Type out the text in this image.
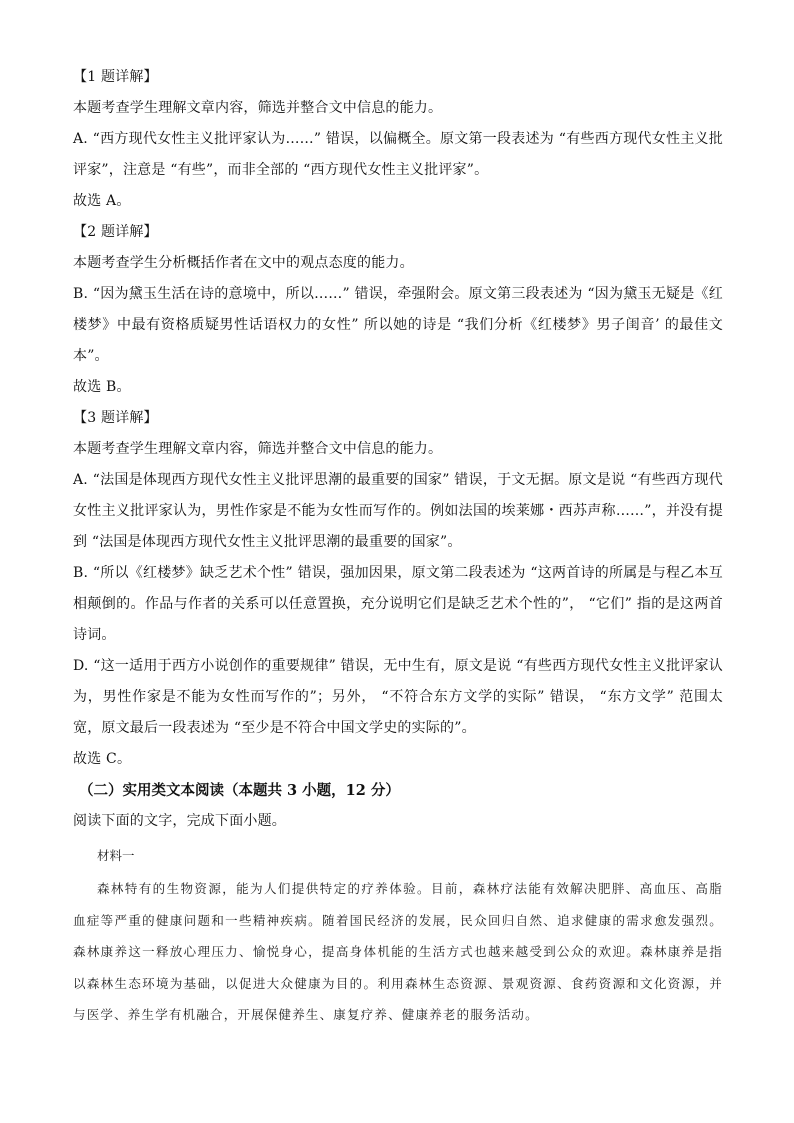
【1 题详解】
本题考查学生理解文章内容，筛选并整合文中信息的能力。
A. “西方现代女性主义批评家认为……” 错误，以偏概全。原文第一段表述为 “有些西方现代女性主义批评家”，注意是 “有些”，而非全部的 “西方现代女性主义批评家”。
故选 A。
【2 题详解】
本题考查学生分析概括作者在文中的观点态度的能力。
B. “因为黛玉生活在诗的意境中，所以……” 错误，牵强附会。原文第三段表述为 “因为黛玉无疑是《红楼梦》中最有资格质疑男性话语权力的女性” 所以她的诗是 “我们分析《红楼梦》男子闺音’ 的最佳文本”。
故选 B。
【3 题详解】
本题考查学生理解文章内容，筛选并整合文中信息的能力。
A. “法国是体现西方现代女性主义批评思潮的最重要的国家” 错误，于文无据。原文是说 “有些西方现代女性主义批评家认为，男性作家是不能为女性而写作的。例如法国的埃莱娜・西苏声称……”，并没有提到 “法国是体现西方现代女性主义批评思潮的最重要的国家”。
B. “所以《红楼梦》缺乏艺术个性” 错误，强加因果，原文第二段表述为 “这两首诗的所属是与程乙本互相颠倒的。作品与作者的关系可以任意置换，充分说明它们是缺乏艺术个性的”， “它们” 指的是这两首诗词。
D. “这一适用于西方小说创作的重要规律” 错误，无中生有，原文是说 “有些西方现代女性主义批评家认为，男性作家是不能为女性而写作的”；另外， “不符合东方文学的实际” 错误， “东方文学” 范围太宽，原文最后一段表述为 “至少是不符合中国文学史的实际的”。
故选 C。
（二）实用类文本阅读（本题共 3 小题，12 分）
阅读下面的文字，完成下面小题。
材料一
森林特有的生物资源，能为人们提供特定的疗养体验。目前，森林疗法能有效解决肥胖、高血压、高脂血症等严重的健康问题和一些精神疾病。随着国民经济的发展，民众回归自然、追求健康的需求愈发强烈。森林康养这一释放心理压力、愉悦身心，提高身体机能的生活方式也越来越受到公众的欢迎。森林康养是指以森林生态环境为基础，以促进大众健康为目的。利用森林生态资源、景观资源、食药资源和文化资源，并与医学、养生学有机融合，开展保健养生、康复疗养、健康养老的服务活动。
